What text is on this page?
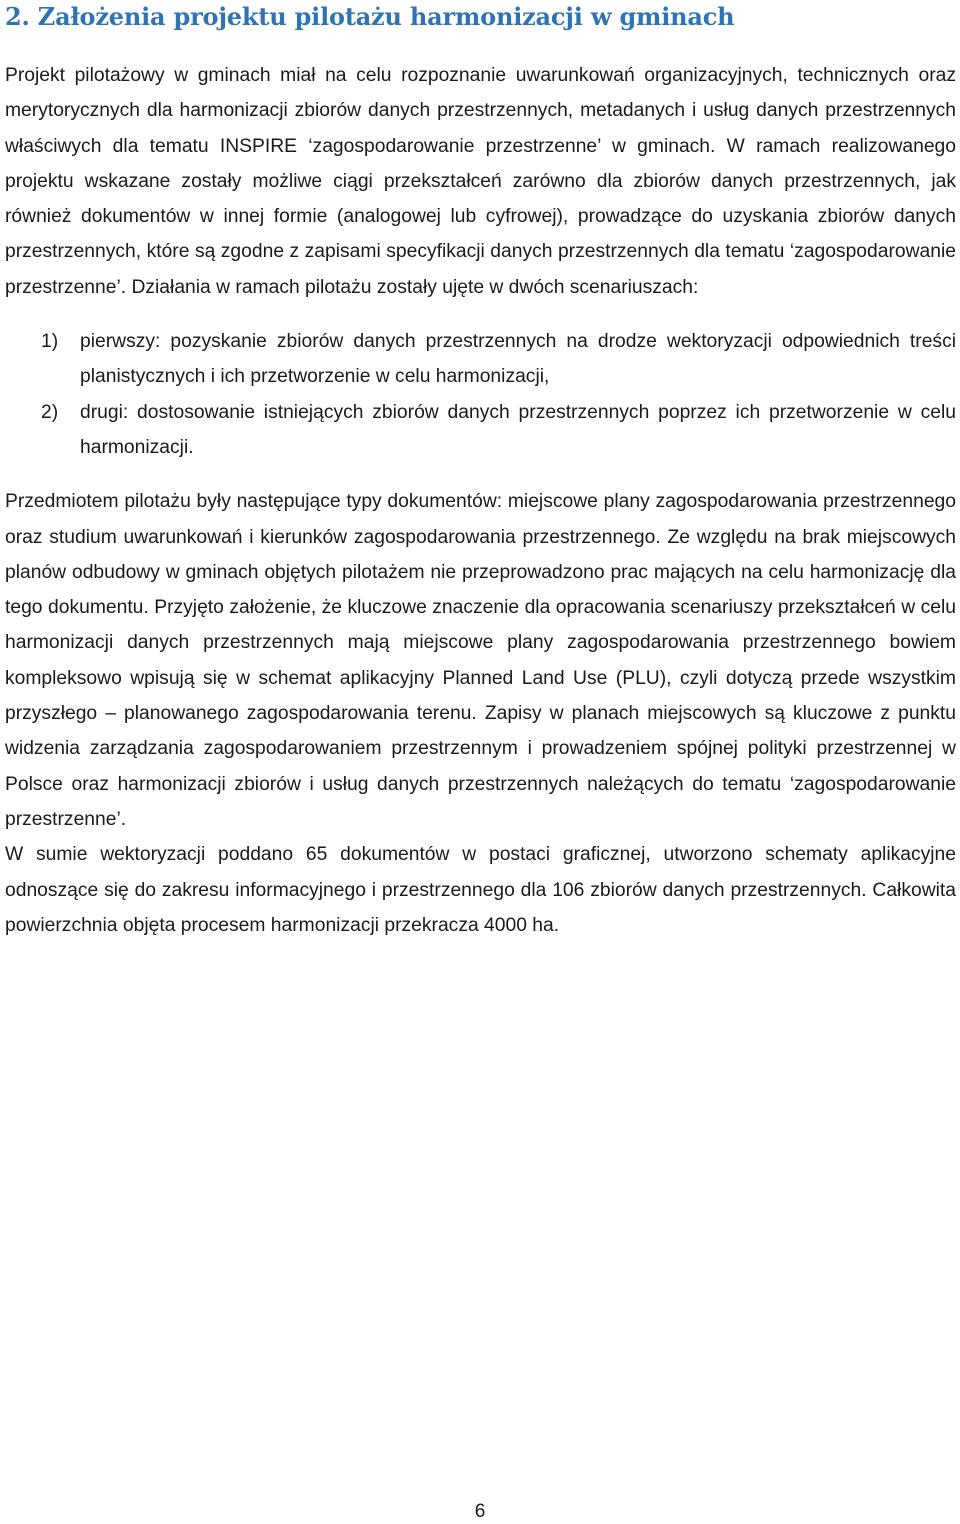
2. Założenia projektu pilotażu harmonizacji w gminach

Projekt pilotażowy w gminach miał na celu rozpoznanie uwarunkowań organizacyjnych, technicznych oraz merytorycznych dla harmonizacji zbiorów danych przestrzennych, metadanych i usług danych przestrzennych właściwych dla tematu INSPIRE ‘zagospodarowanie przestrzenne’ w gminach. W ramach realizowanego projektu wskazane zostały możliwe ciągi przekształceń zarówno dla zbiorów danych przestrzennych, jak również dokumentów w innej formie (analogowej lub cyfrowej), prowadzące do uzyskania zbiorów danych przestrzennych, które są zgodne z zapisami specyfikacji danych przestrzennych dla tematu ‘zagospodarowanie przestrzenne’. Działania w ramach pilotażu zostały ujęte w dwóch scenariuszach:

1)	pierwszy: pozyskanie zbiorów danych przestrzennych na drodze wektoryzacji odpowiednich treści planistycznych i ich przetworzenie w celu harmonizacji,
2)	drugi: dostosowanie istniejących zbiorów danych przestrzennych poprzez ich przetworzenie w celu harmonizacji.

Przedmiotem pilotażu były następujące typy dokumentów: miejscowe plany zagospodarowania przestrzennego oraz studium uwarunkowań i kierunków zagospodarowania przestrzennego. Ze względu na brak miejscowych planów odbudowy w gminach objętych pilotażem nie przeprowadzono prac mających na celu harmonizację dla tego dokumentu. Przyjęto założenie, że kluczowe znaczenie dla opracowania scenariuszy przekształceń w celu harmonizacji danych przestrzennych mają miejscowe plany zagospodarowania przestrzennego bowiem kompleksowo wpisują się w schemat aplikacyjny Planned Land Use (PLU), czyli dotyczą przede wszystkim przyszłego – planowanego zagospodarowania terenu. Zapisy w planach miejscowych są kluczowe z punktu widzenia zarządzania zagospodarowaniem przestrzennym i prowadzeniem spójnej polityki przestrzennej w Polsce oraz harmonizacji zbiorów i usług danych przestrzennych należących do tematu ‘zagospodarowanie przestrzenne’.

W sumie wektoryzacji poddano 65 dokumentów w postaci graficznej, utworzono schematy aplikacyjne odnoszące się do zakresu informacyjnego i przestrzennego dla 106 zbiorów danych przestrzennych. Całkowita powierzchnia objęta procesem harmonizacji przekracza 4000 ha.

6
